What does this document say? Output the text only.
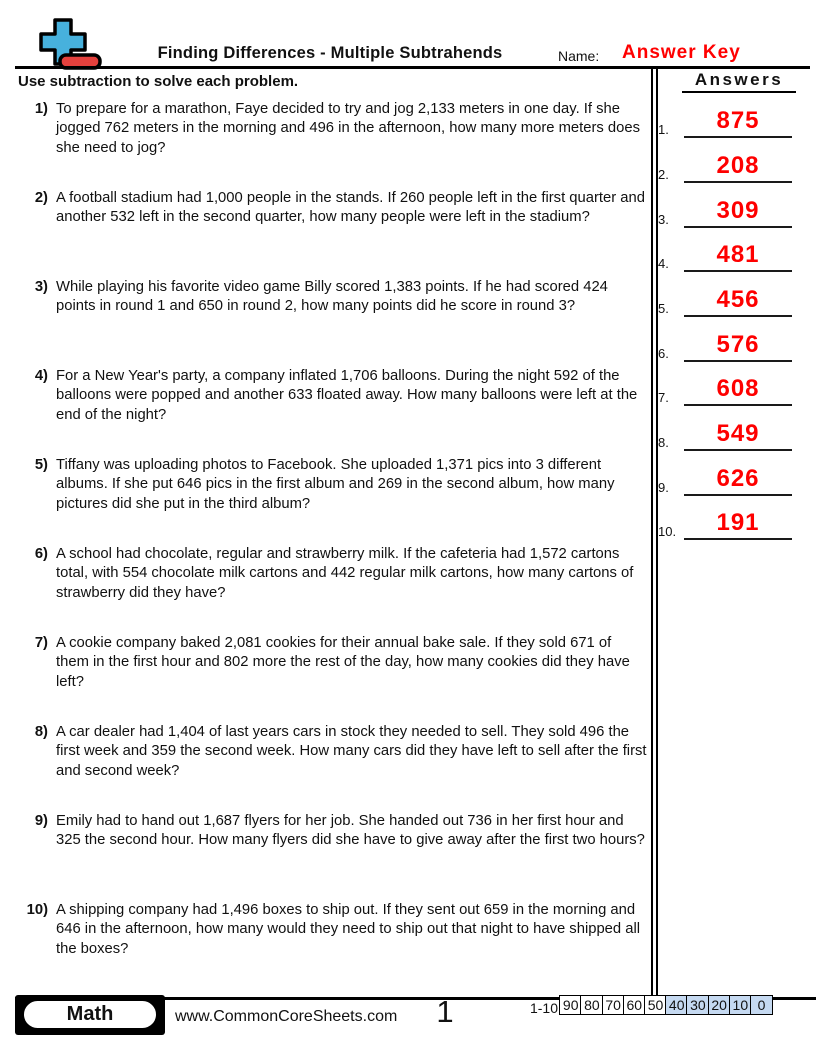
Finding Differences - Multiple Subtrahends	Name: Answer Key
Use subtraction to solve each problem.
1) To prepare for a marathon, Faye decided to try and jog 2,133 meters in one day. If she jogged 762 meters in the morning and 496 in the afternoon, how many more meters does she need to jog?
2) A football stadium had 1,000 people in the stands. If 260 people left in the first quarter and another 532 left in the second quarter, how many people were left in the stadium?
3) While playing his favorite video game Billy scored 1,383 points. If he had scored 424 points in round 1 and 650 in round 2, how many points did he score in round 3?
4) For a New Year's party, a company inflated 1,706 balloons. During the night 592 of the balloons were popped and another 633 floated away. How many balloons were left at the end of the night?
5) Tiffany was uploading photos to Facebook. She uploaded 1,371 pics into 3 different albums. If she put 646 pics in the first album and 269 in the second album, how many pictures did she put in the third album?
6) A school had chocolate, regular and strawberry milk. If the cafeteria had 1,572 cartons total, with 554 chocolate milk cartons and 442 regular milk cartons, how many cartons of strawberry did they have?
7) A cookie company baked 2,081 cookies for their annual bake sale. If they sold 671 of them in the first hour and 802 more the rest of the day, how many cookies did they have left?
8) A car dealer had 1,404 of last years cars in stock they needed to sell. They sold 496 the first week and 359 the second week. How many cars did they have left to sell after the first and second week?
9) Emily had to hand out 1,687 flyers for her job. She handed out 736 in her first hour and 325 the second hour. How many flyers did she have to give away after the first two hours?
10) A shipping company had 1,496 boxes to ship out. If they sent out 659 in the morning and 646 in the afternoon, how many would they need to ship out that night to have shipped all the boxes?
Answers
1.	875
2.	208
3.	309
4.	481
5.	456
6.	576
7.	608
8.	549
9.	626
10.	191
Math	www.CommonCoreSheets.com	1	1-10 90 80 70 60 50 40 30 20 10 0
